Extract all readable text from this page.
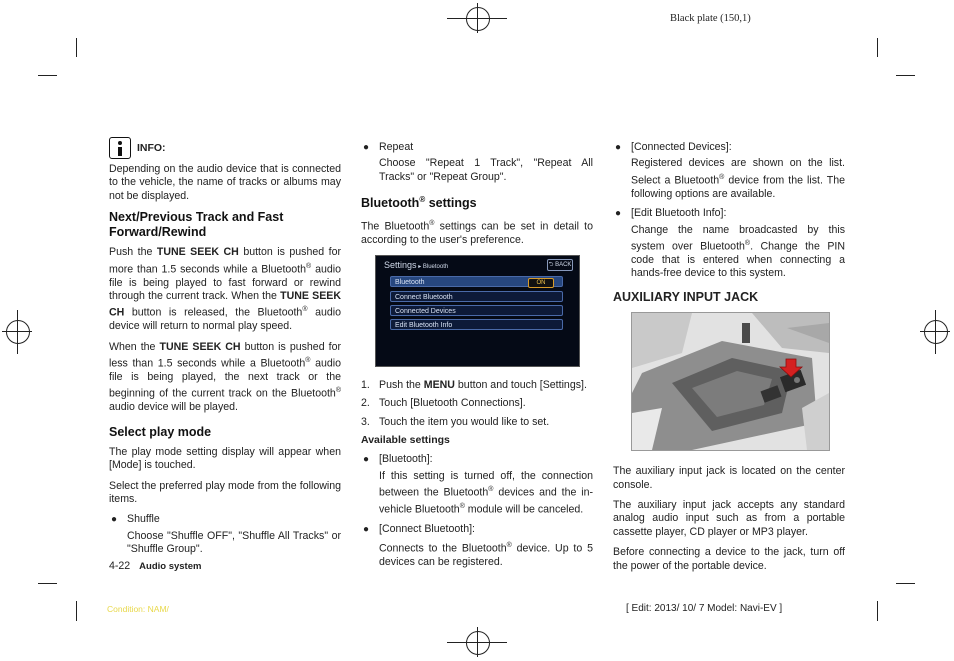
Black plate (150,1)
INFO:

Depending on the audio device that is connected to the vehicle, the name of tracks or albums may not be displayed.

Next/Previous Track and Fast Forward/Rewind

Push the TUNE SEEK CH button is pushed for more than 1.5 seconds while a Bluetooth® audio file is being played to fast forward or rewind through the current track. When the TUNE SEEK CH button is released, the Bluetooth® audio device will return to normal play speed.

When the TUNE SEEK CH button is pushed for less than 1.5 seconds while a Bluetooth® audio file is being played, the next track or the beginning of the current track on the Bluetooth® audio device will be played.

Select play mode

The play mode setting display will appear when [Mode] is touched.

Select the preferred play mode from the following items.

● Shuffle

Choose "Shuffle OFF", "Shuffle All Tracks" or "Shuffle Group".

● Repeat

Choose "Repeat 1 Track", "Repeat All Tracks" or "Repeat Group".

Bluetooth® settings

The Bluetooth® settings can be set in detail to according to the user's preference.

Settings ▸ Bluetooth	⮌ BACK
Bluetooth	ON
Connect Bluetooth
Connected Devices
Edit Bluetooth Info
1. Push the MENU button and touch [Settings].
2. Touch [Bluetooth Connections].
3. Touch the item you would like to set.
Available settings
● [Bluetooth]:

If this setting is turned off, the connection between the Bluetooth® devices and the in-vehicle Bluetooth® module will be canceled.

● [Connect Bluetooth]:

Connects to the Bluetooth® device. Up to 5 devices can be registered.

● [Connected Devices]:

Registered devices are shown on the list. Select a Bluetooth® device from the list. The following options are available.

● [Edit Bluetooth Info]:

Change the name broadcasted by this system over Bluetooth®. Change the PIN code that is entered when connecting a hands-free device to this system.

AUXILIARY INPUT JACK

The auxiliary input jack is located on the center console.

The auxiliary input jack accepts any standard analog audio input such as from a portable cassette player, CD player or MP3 player.

Before connecting a device to the jack, turn off the power of the portable device.

4-22 Audio system
Condition: NAM/	[ Edit: 2013/ 10/ 7 Model: Navi-EV ]
